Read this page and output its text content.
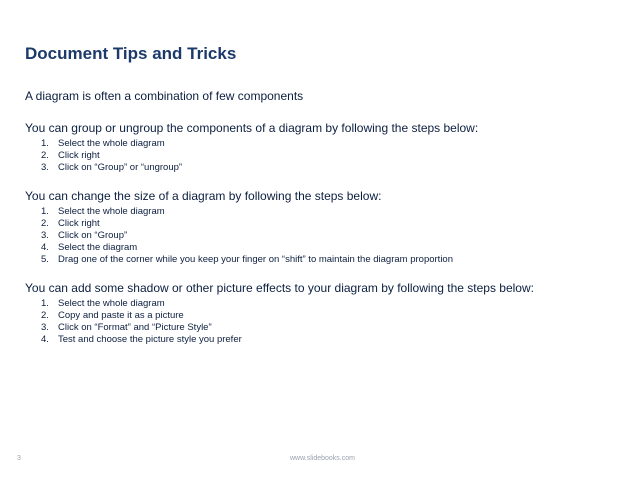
Document Tips and Tricks

A diagram is often a combination of few components

You can group or ungroup the components of a diagram by following the steps below:
1. Select the whole diagram
2. Click right
3. Click on “Group” or “ungroup”
You can change the size of a diagram by following the steps below:
1. Select the whole diagram
2. Click right
3. Click on “Group”
4. Select the diagram
5. Drag one of the corner while you keep your finger on “shift” to maintain the diagram proportion
You can add some shadow or other picture effects to your diagram by following the steps below:
1. Select the whole diagram
2. Copy and paste it as a picture
3. Click on “Format” and “Picture Style”
4. Test and choose the picture style you prefer
3	www.slidebooks.com
